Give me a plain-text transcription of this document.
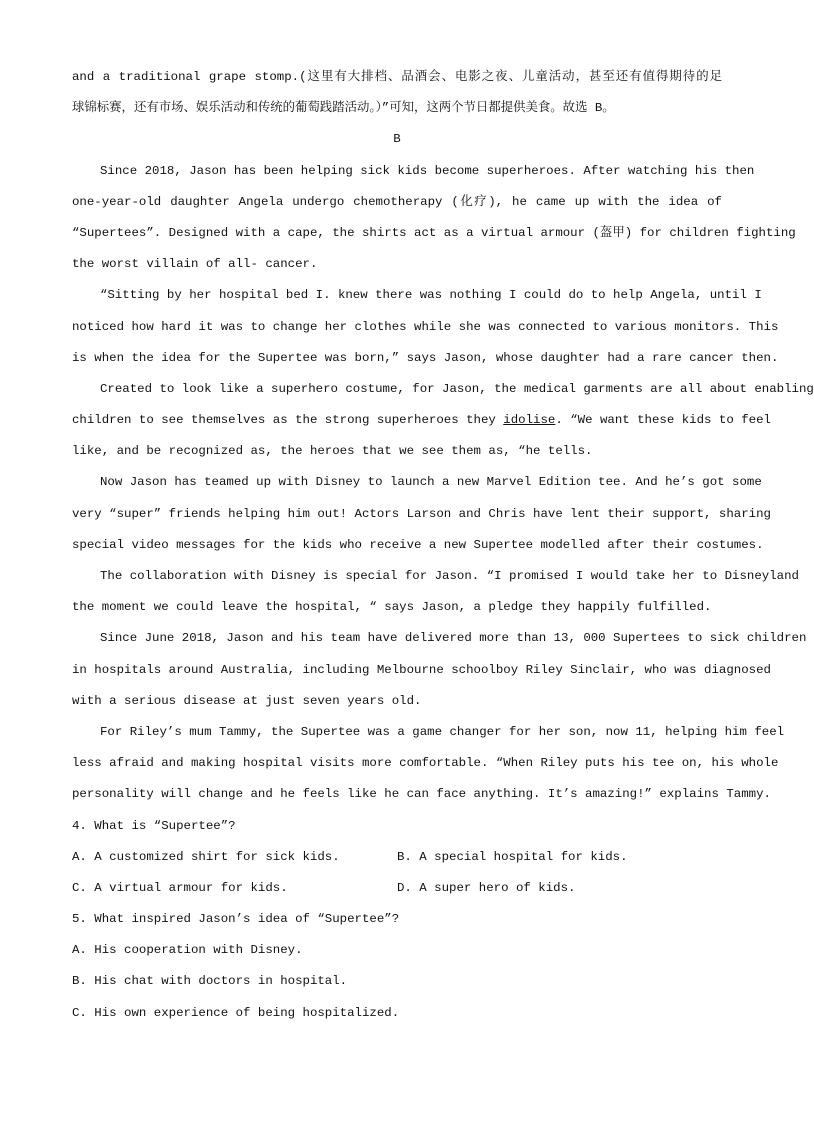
and a traditional grape stomp.(这里有大排档、品酒会、电影之夜、儿童活动，甚至还有值得期待的足
球锦标赛，还有市场、娱乐活动和传统的葡萄践踏活动。）”可知，这两个节日都提供美食。故选 B。
B
Since 2018, Jason has been helping sick kids become superheroes. After watching his then
one-year-old daughter Angela undergo chemotherapy (化疗), he came up with the idea of
“Supertees”. Designed with a cape, the shirts act as a virtual armour (盔甲) for children fighting
the worst villain of all- cancer.
“Sitting by her hospital bed I. knew there was nothing I could do to help Angela, until I
noticed how hard it was to change her clothes while she was connected to various monitors. This
is when the idea for the Supertee was born,” says Jason, whose daughter had a rare cancer then.
Created to look like a superhero costume, for Jason, the medical garments are all about enabling
children to see themselves as the strong superheroes they idolise. “We want these kids to feel
like, and be recognized as, the heroes that we see them as, “he tells.
Now Jason has teamed up with Disney to launch a new Marvel Edition tee. And he’s got some
very “super” friends helping him out! Actors Larson and Chris have lent their support, sharing
special video messages for the kids who receive a new Supertee modelled after their costumes.
The collaboration with Disney is special for Jason. “I promised I would take her to Disneyland
the moment we could leave the hospital, “ says Jason, a pledge they happily fulfilled.
Since June 2018, Jason and his team have delivered more than 13, 000 Supertees to sick children
in hospitals around Australia, including Melbourne schoolboy Riley Sinclair, who was diagnosed
with a serious disease at just seven years old.
For Riley’s mum Tammy, the Supertee was a game changer for her son, now 11, helping him feel
less afraid and making hospital visits more comfortable. “When Riley puts his tee on, his whole
personality will change and he feels like he can face anything. It’s amazing!” explains Tammy.
4. What is “Supertee”?
A. A customized shirt for sick kids.	B. A special hospital for kids.
C. A virtual armour for kids.	D. A super hero of kids.
5. What inspired Jason’s idea of “Supertee”?
A. His cooperation with Disney.
B. His chat with doctors in hospital.
C. His own experience of being hospitalized.
